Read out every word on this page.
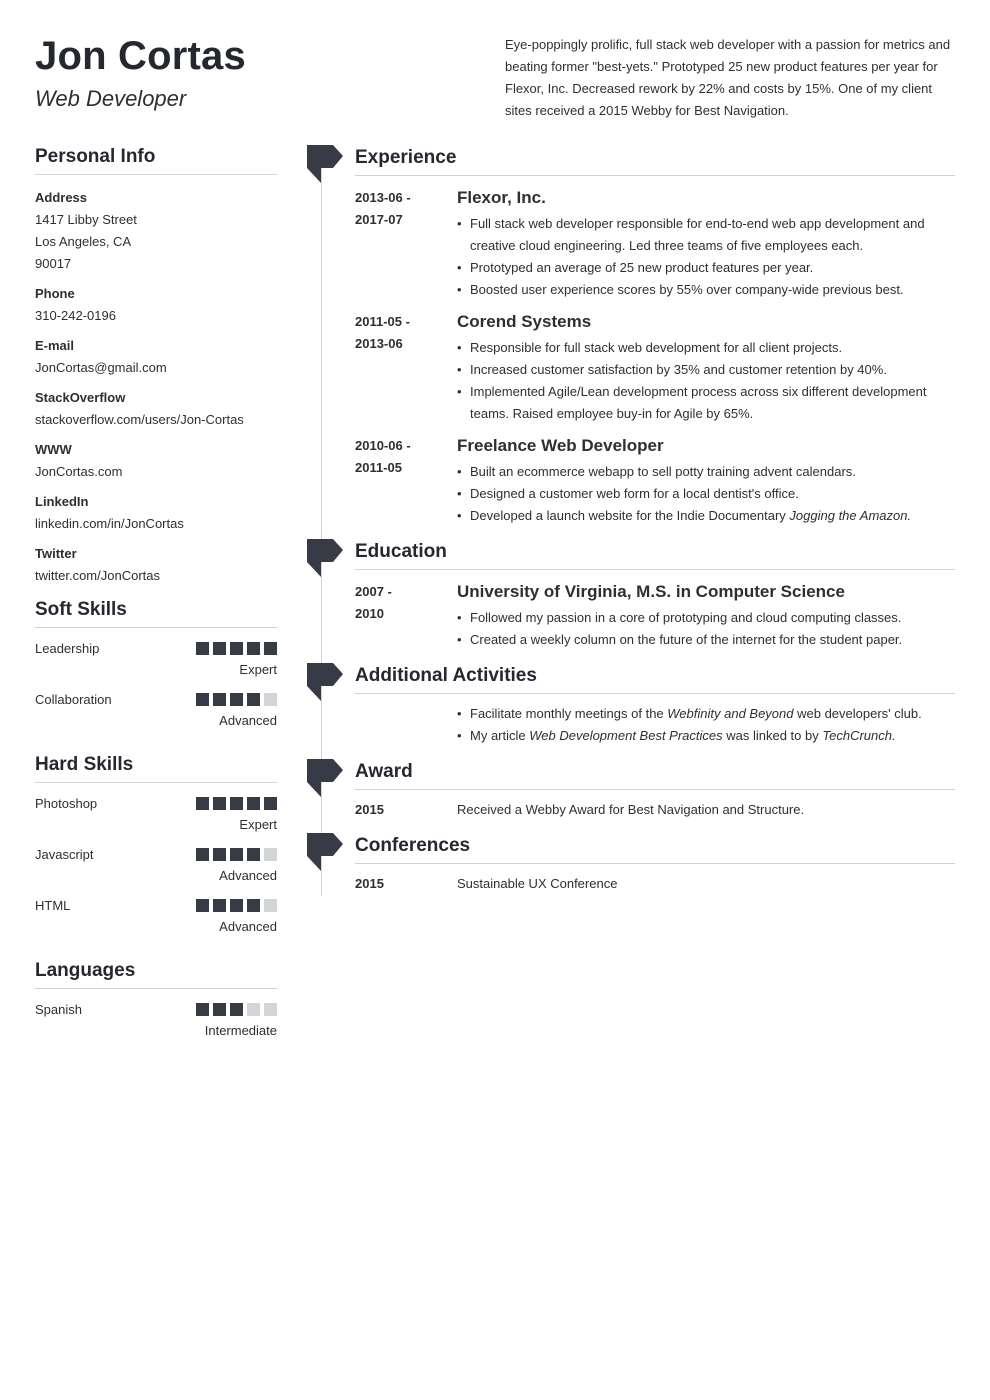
Jon Cortas
Web Developer
Eye-poppingly prolific, full stack web developer with a passion for metrics and beating former "best-yets." Prototyped 25 new product features per year for Flexor, Inc. Decreased rework by 22% and costs by 15%. One of my client sites received a 2015 Webby for Best Navigation.
Personal Info
Address
1417 Libby Street
Los Angeles, CA
90017
Phone
310-242-0196
E-mail
JonCortas@gmail.com
StackOverflow
stackoverflow.com/users/Jon-Cortas
WWW
JonCortas.com
LinkedIn
linkedin.com/in/JonCortas
Twitter
twitter.com/JonCortas
Soft Skills
Leadership
Expert
Collaboration
Advanced
Hard Skills
Photoshop
Expert
Javascript
Advanced
HTML
Advanced
Languages
Spanish
Intermediate
Experience
2013-06 -
2017-07
Flexor, Inc.
• Full stack web developer responsible for end-to-end web app development and creative cloud engineering. Led three teams of five employees each.
• Prototyped an average of 25 new product features per year.
• Boosted user experience scores by 55% over company-wide previous best.
2011-05 -
2013-06
Corend Systems
• Responsible for full stack web development for all client projects.
• Increased customer satisfaction by 35% and customer retention by 40%.
• Implemented Agile/Lean development process across six different development teams. Raised employee buy-in for Agile by 65%.
2010-06 -
2011-05
Freelance Web Developer
• Built an ecommerce webapp to sell potty training advent calendars.
• Designed a customer web form for a local dentist's office.
• Developed a launch website for the Indie Documentary Jogging the Amazon.
Education
2007 -
2010
University of Virginia, M.S. in Computer Science
• Followed my passion in a core of prototyping and cloud computing classes.
• Created a weekly column on the future of the internet for the student paper.
Additional Activities
• Facilitate monthly meetings of the Webfinity and Beyond web developers' club.
• My article Web Development Best Practices was linked to by TechCrunch.
Award
2015	Received a Webby Award for Best Navigation and Structure.
Conferences
2015	Sustainable UX Conference
